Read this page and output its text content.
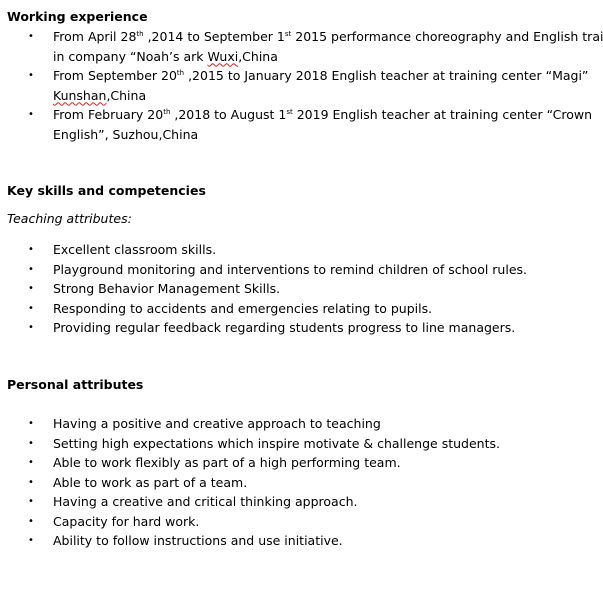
Working experience
• From April 28th ,2014 to September 1st 2015 performance choreography and English trai
in company “Noah’s ark Wuxi,China
• From September 20th ,2015 to January 2018 English teacher at training center “Magi”
Kunshan,China
• From February 20th ,2018 to August 1st 2019 English teacher at training center “Crown
English”, Suzhou,China
Key skills and competencies
Teaching attributes:
• Excellent classroom skills.
• Playground monitoring and interventions to remind children of school rules.
• Strong Behavior Management Skills.
• Responding to accidents and emergencies relating to pupils.
• Providing regular feedback regarding students progress to line managers.
Personal attributes
• Having a positive and creative approach to teaching
• Setting high expectations which inspire motivate & challenge students.
• Able to work flexibly as part of a high performing team.
• Able to work as part of a team.
• Having a creative and critical thinking approach.
• Capacity for hard work.
• Ability to follow instructions and use initiative.
